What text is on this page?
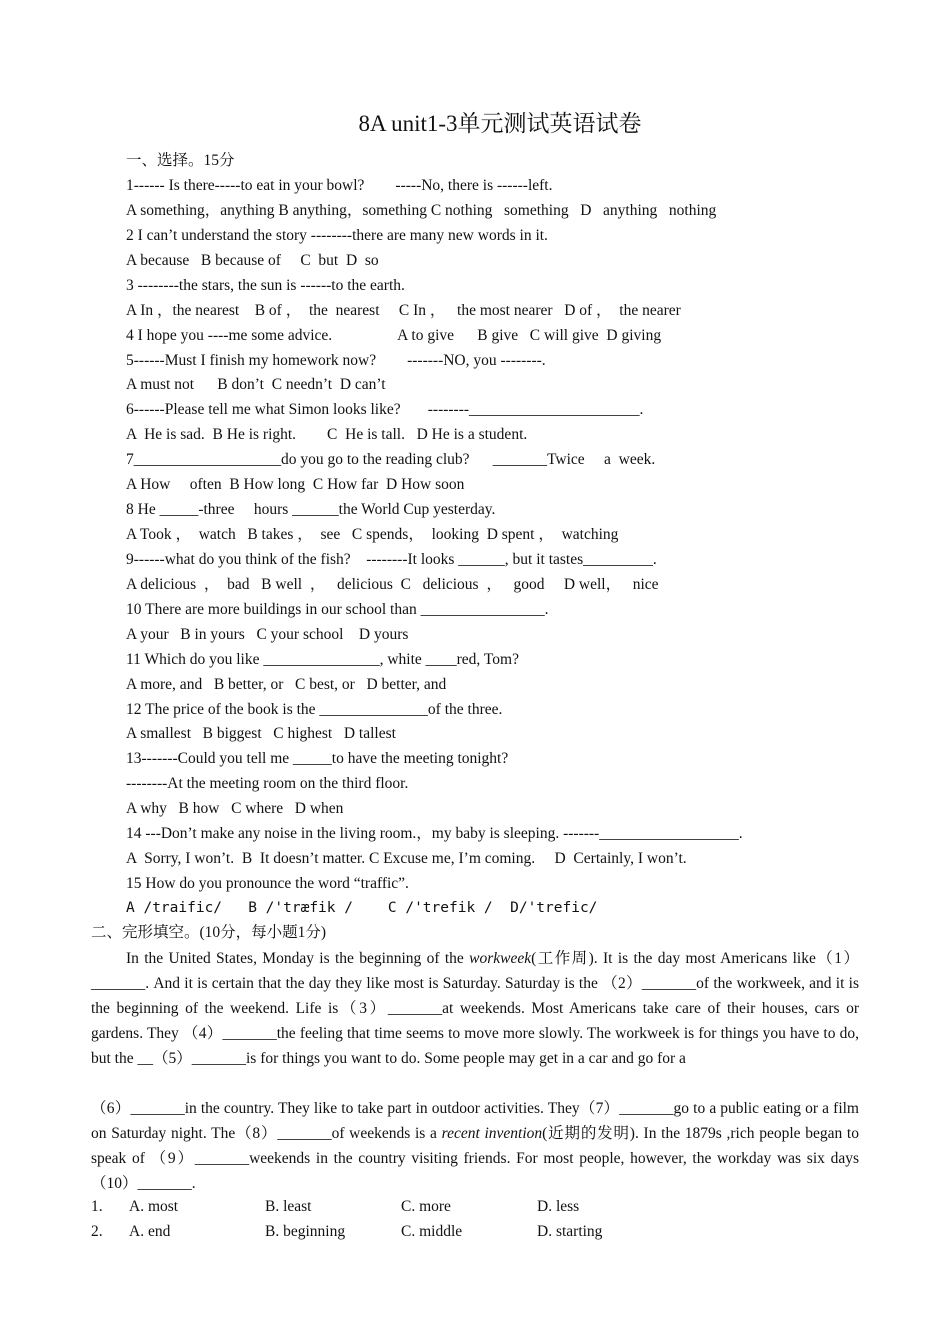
8A unit1-3单元测试英语试卷
一、选择。15分
1------ Is there-----to eat in your bowl?        -----No, there is ------left.
A something，anything B anything，something C nothing   something   D   anything   nothing
2 I can’t understand the story --------there are many new words in it.
A because   B because of     C  but  D  so
3 --------the stars, the sun is ------to the earth.
A In ，the nearest    B of ，  the  nearest     C In ，   the most nearer   D of ，  the nearer
4 I hope you ----me some advice.                 A to give      B give   C will give  D giving
5------Must I finish my homework now?        -------NO, you --------.
A must not      B don’t  C needn’t  D can’t
6------Please tell me what Simon looks like?       --------______________________.
A  He is sad.  B He is right.        C  He is tall.   D He is a student.
7___________________do you go to the reading club?      _______Twice     a  week.
A How     often  B How long  C How far  D How soon
8 He _____-three     hours ______the World Cup yesterday.
A Took ，  watch   B takes ，  see   C spends，  looking  D spent ，  watching
9------what do you think of the fish?    --------It looks ______, but it tastes_________.
A delicious  ，  bad   B well  ，   delicious  C   delicious  ，   good     D well，   nice
10 There are more buildings in our school than ________________.
A your   B in yours   C your school    D yours
11 Which do you like _______________, white ____red, Tom?
A more, and   B better, or   C best, or   D better, and
12 The price of the book is the ______________of the three.
A smallest   B biggest   C highest   D tallest
13-------Could you tell me _____to have the meeting tonight?
--------At the meeting room on the third floor.
A why   B how   C where   D when
14 ---Don’t make any noise in the living room.，my baby is sleeping. -------__________________.
A  Sorry, I won’t.  B  It doesn’t matter. C Excuse me, I’m coming.     D  Certainly, I won’t.
15 How do you pronounce the word “traffic”.
A /traific/   B /'træfik /    C /'trefik /  D/'trefic/
二、完形填空。(10分，每小题1分)
In the United States, Monday is the beginning of the workweek(工作周). It is the day most Americans like（1）_______. And it is certain that the day they like most is Saturday. Saturday is the （2）_______of the workweek, and it is the beginning of the weekend. Life is（3）_______at weekends. Most Americans take care of their houses, cars or gardens. They （4）_______the feeling that time seems to move more slowly. The workweek is for things you have to do, but the __（5）_______is for things you want to do. Some people may get in a car and go for a
（6）_______in the country. They like to take part in outdoor activities. They（7）_______go to a public eating or a film on Saturday night. The（8）_______of weekends is a recent invention(近期的发明). In the 1879s ,rich people began to speak of （9）_______weekends in the country visiting friends. For most people, however, the workday was six days （10）_______.
1. A. most	B. least	C. more	D. less
2. A. end	B. beginning	C. middle	D. starting
